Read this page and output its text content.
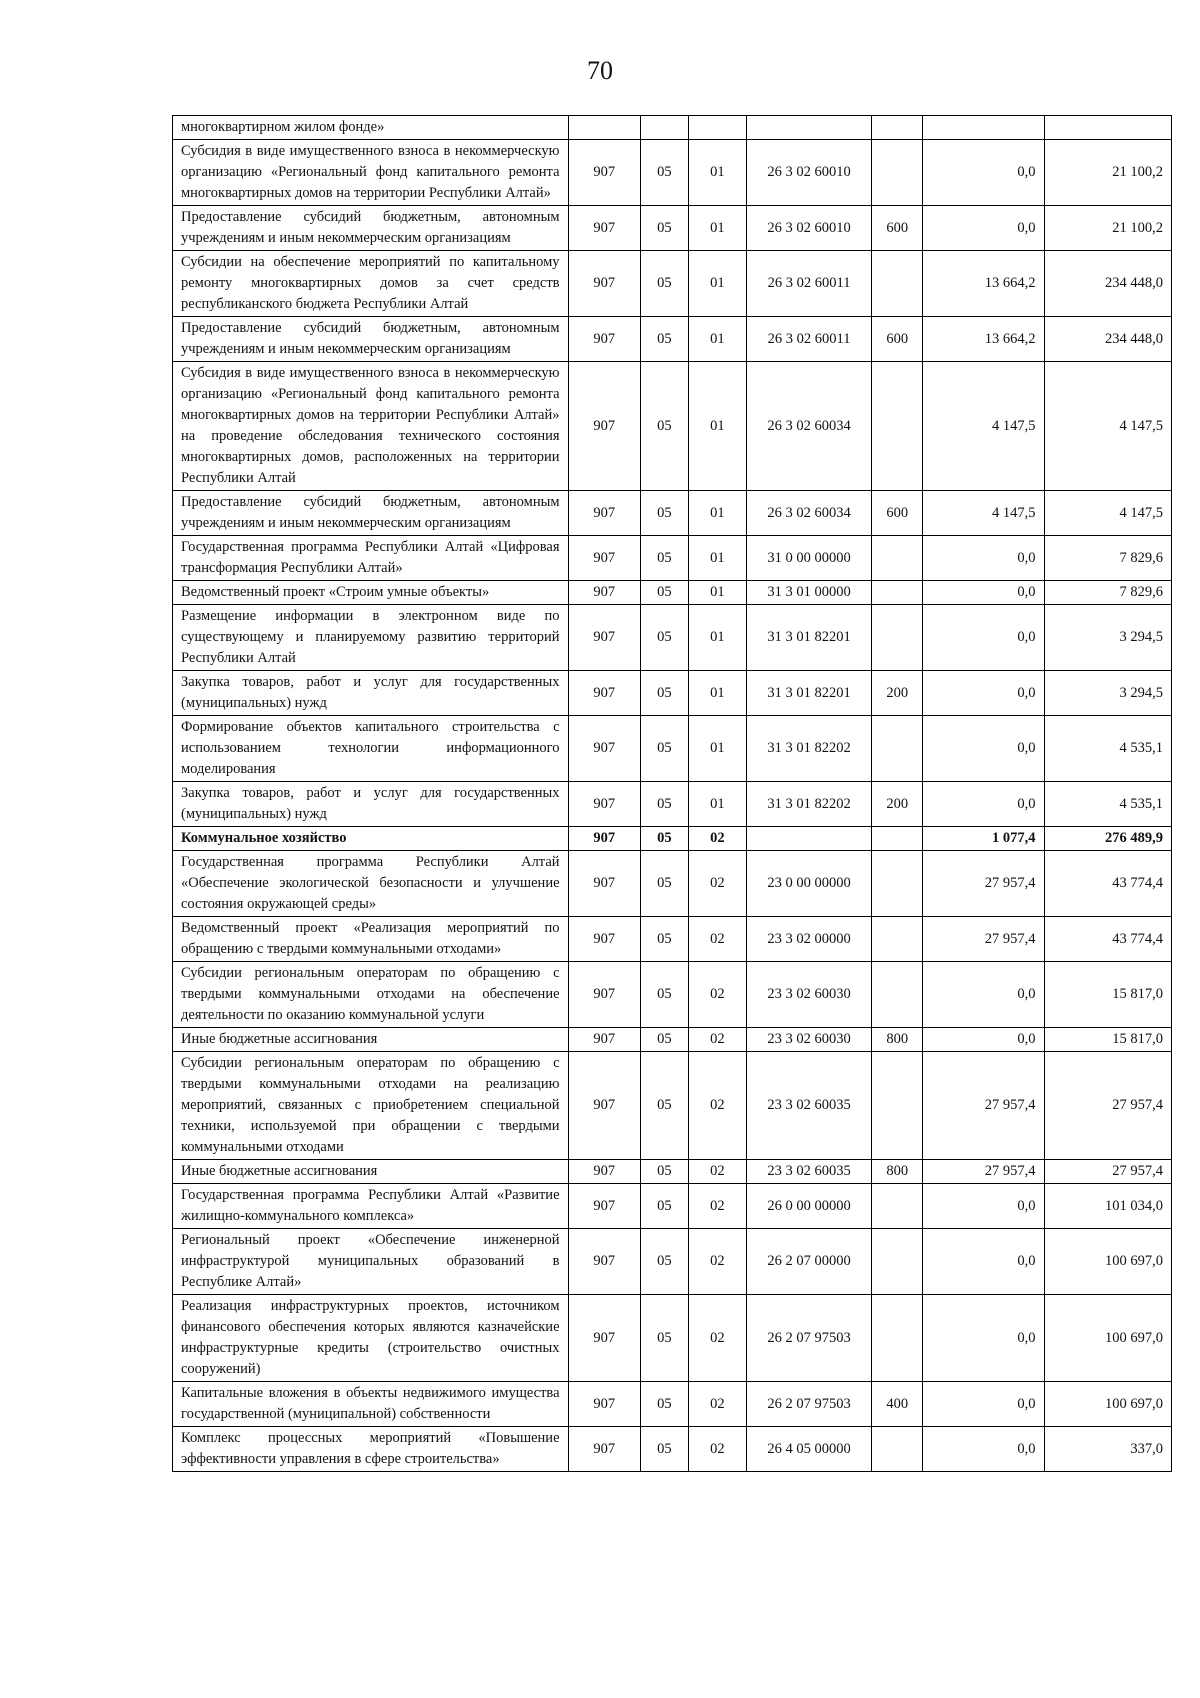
70
многоквартирном жилом фонде»							
Субсидия в виде имущественного взноса в некоммерческую организацию «Региональный фонд капитального ремонта многоквартирных домов на территории Республики Алтай»	907	05	01	26 3 02 60010		0,0	21 100,2
Предоставление субсидий бюджетным, автономным учреждениям и иным некоммерческим организациям	907	05	01	26 3 02 60010	600	0,0	21 100,2
Субсидии на обеспечение мероприятий по капитальному ремонту многоквартирных домов за счет средств республиканского бюджета Республики Алтай	907	05	01	26 3 02 60011		13 664,2	234 448,0
Предоставление субсидий бюджетным, автономным учреждениям и иным некоммерческим организациям	907	05	01	26 3 02 60011	600	13 664,2	234 448,0
Субсидия в виде имущественного взноса в некоммерческую организацию «Региональный фонд капитального ремонта многоквартирных домов на территории Республики Алтай» на проведение обследования технического состояния многоквартирных домов, расположенных на территории Республики Алтай	907	05	01	26 3 02 60034		4 147,5	4 147,5
Предоставление субсидий бюджетным, автономным учреждениям и иным некоммерческим организациям	907	05	01	26 3 02 60034	600	4 147,5	4 147,5
Государственная программа Республики Алтай «Цифровая трансформация Республики Алтай»	907	05	01	31 0 00 00000		0,0	7 829,6
Ведомственный проект «Строим умные объекты»	907	05	01	31 3 01 00000		0,0	7 829,6
Размещение информации в электронном виде по существующему и планируемому развитию территорий Республики Алтай	907	05	01	31 3 01 82201		0,0	3 294,5
Закупка товаров, работ и услуг для государственных (муниципальных) нужд	907	05	01	31 3 01 82201	200	0,0	3 294,5
Формирование объектов капитального строительства с использованием технологии информационного моделирования	907	05	01	31 3 01 82202		0,0	4 535,1
Закупка товаров, работ и услуг для государственных (муниципальных) нужд	907	05	01	31 3 01 82202	200	0,0	4 535,1
Коммунальное хозяйство	907	05	02			1 077,4	276 489,9
Государственная программа Республики Алтай «Обеспечение экологической безопасности и улучшение состояния окружающей среды»	907	05	02	23 0 00 00000		27 957,4	43 774,4
Ведомственный проект «Реализация мероприятий по обращению с твердыми коммунальными отходами»	907	05	02	23 3 02 00000		27 957,4	43 774,4
Субсидии региональным операторам по обращению с твердыми коммунальными отходами на обеспечение деятельности по оказанию коммунальной услуги	907	05	02	23 3 02 60030		0,0	15 817,0
Иные бюджетные ассигнования	907	05	02	23 3 02 60030	800	0,0	15 817,0
Субсидии региональным операторам по обращению с твердыми коммунальными отходами на реализацию мероприятий, связанных с приобретением специальной техники, используемой при обращении с твердыми коммунальными отходами	907	05	02	23 3 02 60035		27 957,4	27 957,4
Иные бюджетные ассигнования	907	05	02	23 3 02 60035	800	27 957,4	27 957,4
Государственная программа Республики Алтай «Развитие жилищно-коммунального комплекса»	907	05	02	26 0 00 00000		0,0	101 034,0
Региональный проект «Обеспечение инженерной инфраструктурой муниципальных образований в Республике Алтай»	907	05	02	26 2 07 00000		0,0	100 697,0
Реализация инфраструктурных проектов, источником финансового обеспечения которых являются казначейские инфраструктурные кредиты (строительство очистных сооружений)	907	05	02	26 2 07 97503		0,0	100 697,0
Капитальные вложения в объекты недвижимого имущества государственной (муниципальной) собственности	907	05	02	26 2 07 97503	400	0,0	100 697,0
Комплекс процессных мероприятий «Повышение эффективности управления в сфере строительства»	907	05	02	26 4 05 00000		0,0	337,0
